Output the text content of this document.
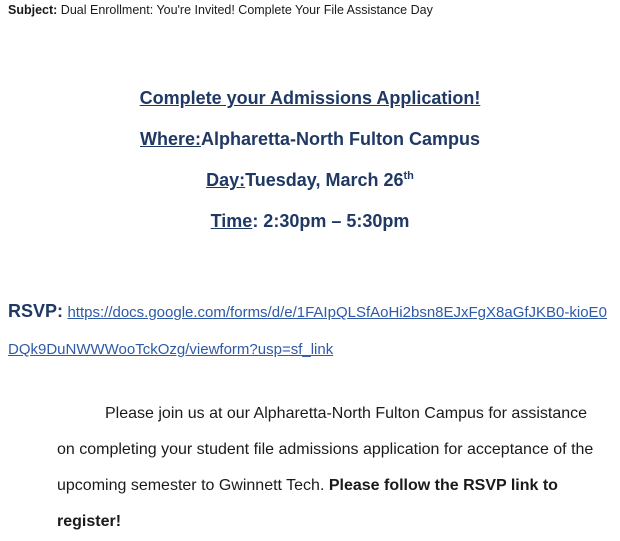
Subject: Dual Enrollment: You're Invited! Complete Your File Assistance Day
Complete your Admissions Application!
Where:Alpharetta-North Fulton Campus
Day:Tuesday, March 26th
Time: 2:30pm – 5:30pm
RSVP: https://docs.google.com/forms/d/e/1FAIpQLSfAoHi2bsn8EJxFgX8aGfJKB0-kioE0DQk9DuNWWWooTckOzg/viewform?usp=sf_link
Please join us at our Alpharetta-North Fulton Campus for assistance on completing your student file admissions application for acceptance of the upcoming semester to Gwinnett Tech. Please follow the RSVP link to register!
